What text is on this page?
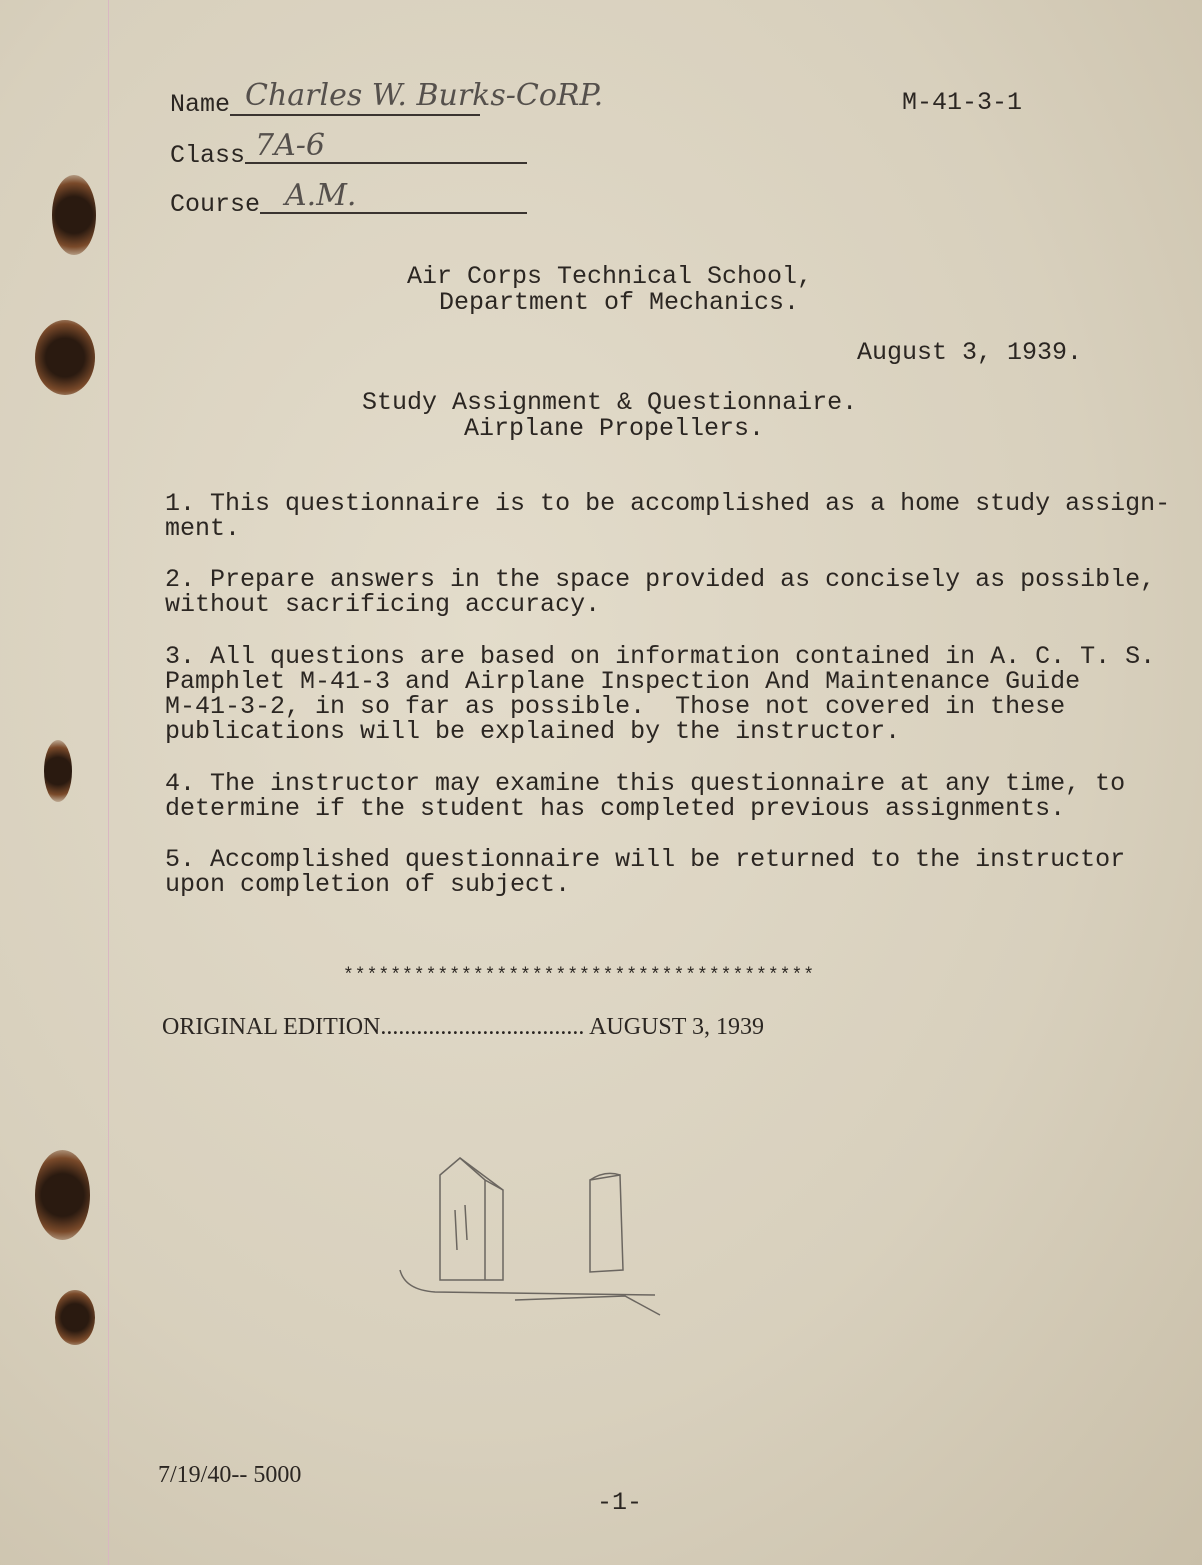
Name Charles W. Burks-CoRP.
Class 7A-6
Course A.M.
M-41-3-1
Air Corps Technical School,
Department of Mechanics.
August 3, 1939.
Study Assignment & Questionnaire.
Airplane Propellers.
1. This questionnaire is to be accomplished as a home study assign-
ment.
2. Prepare answers in the space provided as concisely as possible,
without sacrificing accuracy.
3. All questions are based on information contained in A. C. T. S.
Pamphlet M-41-3 and Airplane Inspection And Maintenance Guide
M-41-3-2, in so far as possible.  Those not covered in these
publications will be explained by the instructor.
4. The instructor may examine this questionnaire at any time, to
determine if the student has completed previous assignments.
5. Accomplished questionnaire will be returned to the instructor
upon completion of subject.
****************************************
ORIGINAL EDITION.................................. AUGUST 3, 1939
7/19/40-- 5000
-1-
